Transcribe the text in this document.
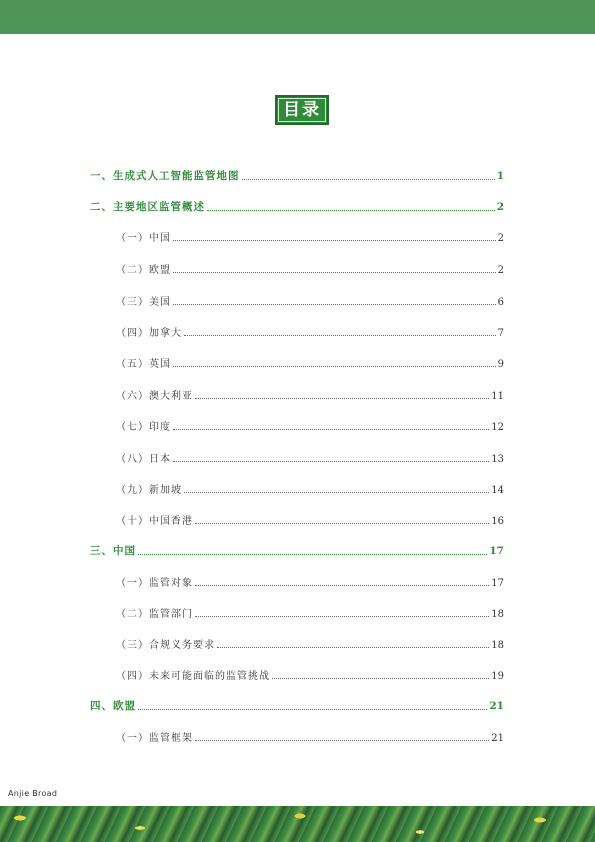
目录
一、生成式人工智能监管地图	1
二、主要地区监管概述	2
（一）中国	2
（二）欧盟	2
（三）美国	6
（四）加拿大	7
（五）英国	9
（六）澳大利亚	11
（七）印度	12
（八）日本	13
（九）新加坡	14
（十）中国香港	16
三、中国	17
（一）监管对象	17
（二）监管部门	18
（三）合规义务要求	18
（四）未来可能面临的监管挑战	19
四、欧盟	21
（一）监管框架	21
Anjie Broad
